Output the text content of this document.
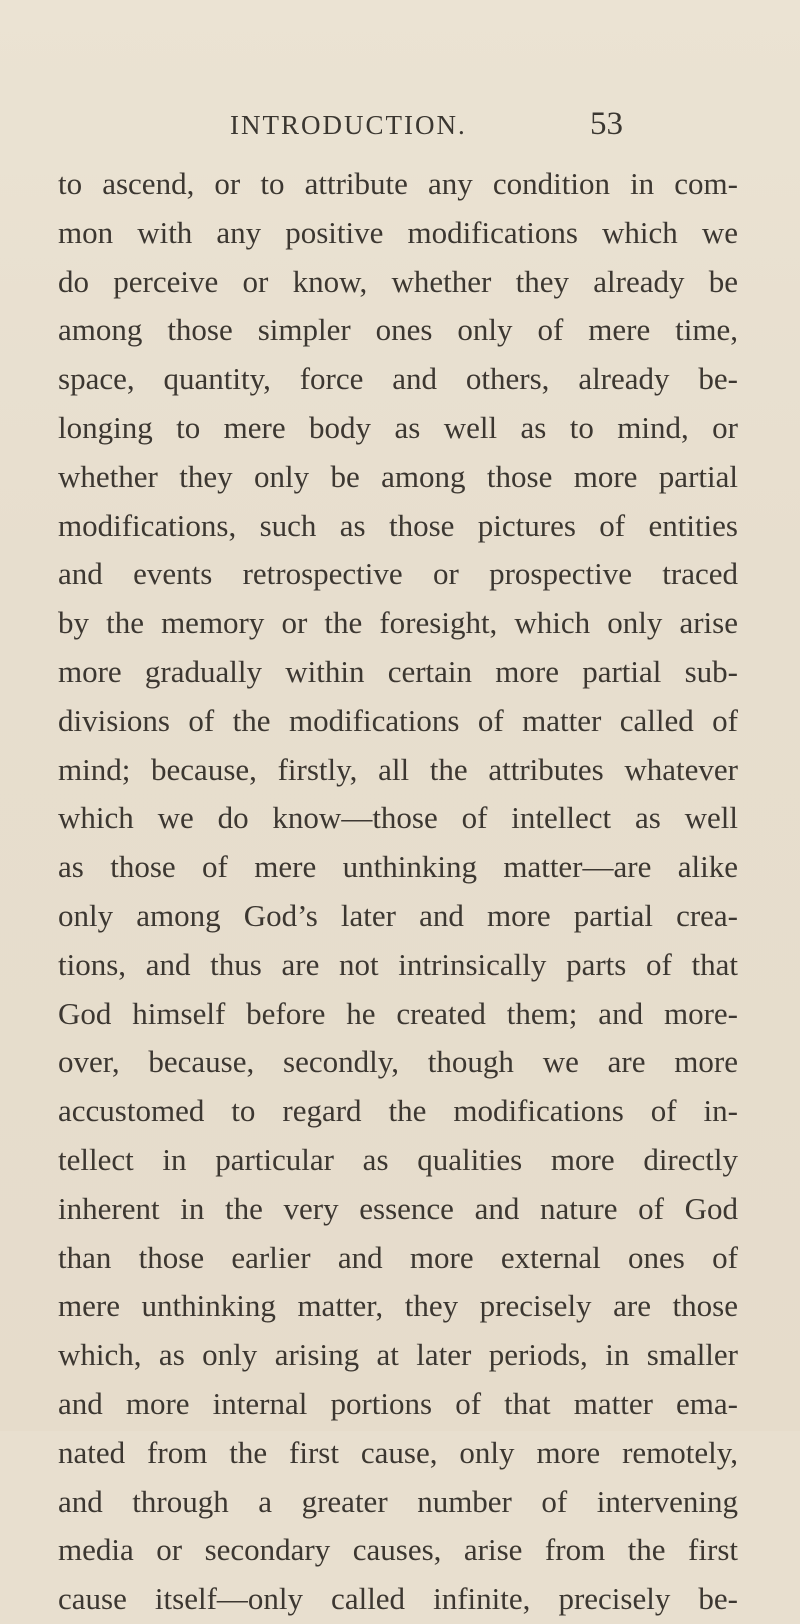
INTRODUCTION.	53
to ascend, or to attribute any condition in com-
mon with any positive modifications which we
do perceive or know, whether they already be
among those simpler ones only of mere time,
space, quantity, force and others, already be-
longing to mere body as well as to mind, or
whether they only be among those more partial
modifications, such as those pictures of entities
and events retrospective or prospective traced
by the memory or the foresight, which only arise
more gradually within certain more partial sub-
divisions of the modifications of matter called of
mind; because, firstly, all the attributes whatever
which we do know—those of intellect as well
as those of mere unthinking matter—are alike
only among God’s later and more partial crea-
tions, and thus are not intrinsically parts of that
God himself before he created them; and more-
over, because, secondly, though we are more
accustomed to regard the modifications of in-
tellect in particular as qualities more directly
inherent in the very essence and nature of God
than those earlier and more external ones of
mere unthinking matter, they precisely are those
which, as only arising at later periods, in smaller
and more internal portions of that matter ema-
nated from the first cause, only more remotely,
and through a greater number of intervening
media or secondary causes, arise from the first
cause itself—only called infinite, precisely be-
